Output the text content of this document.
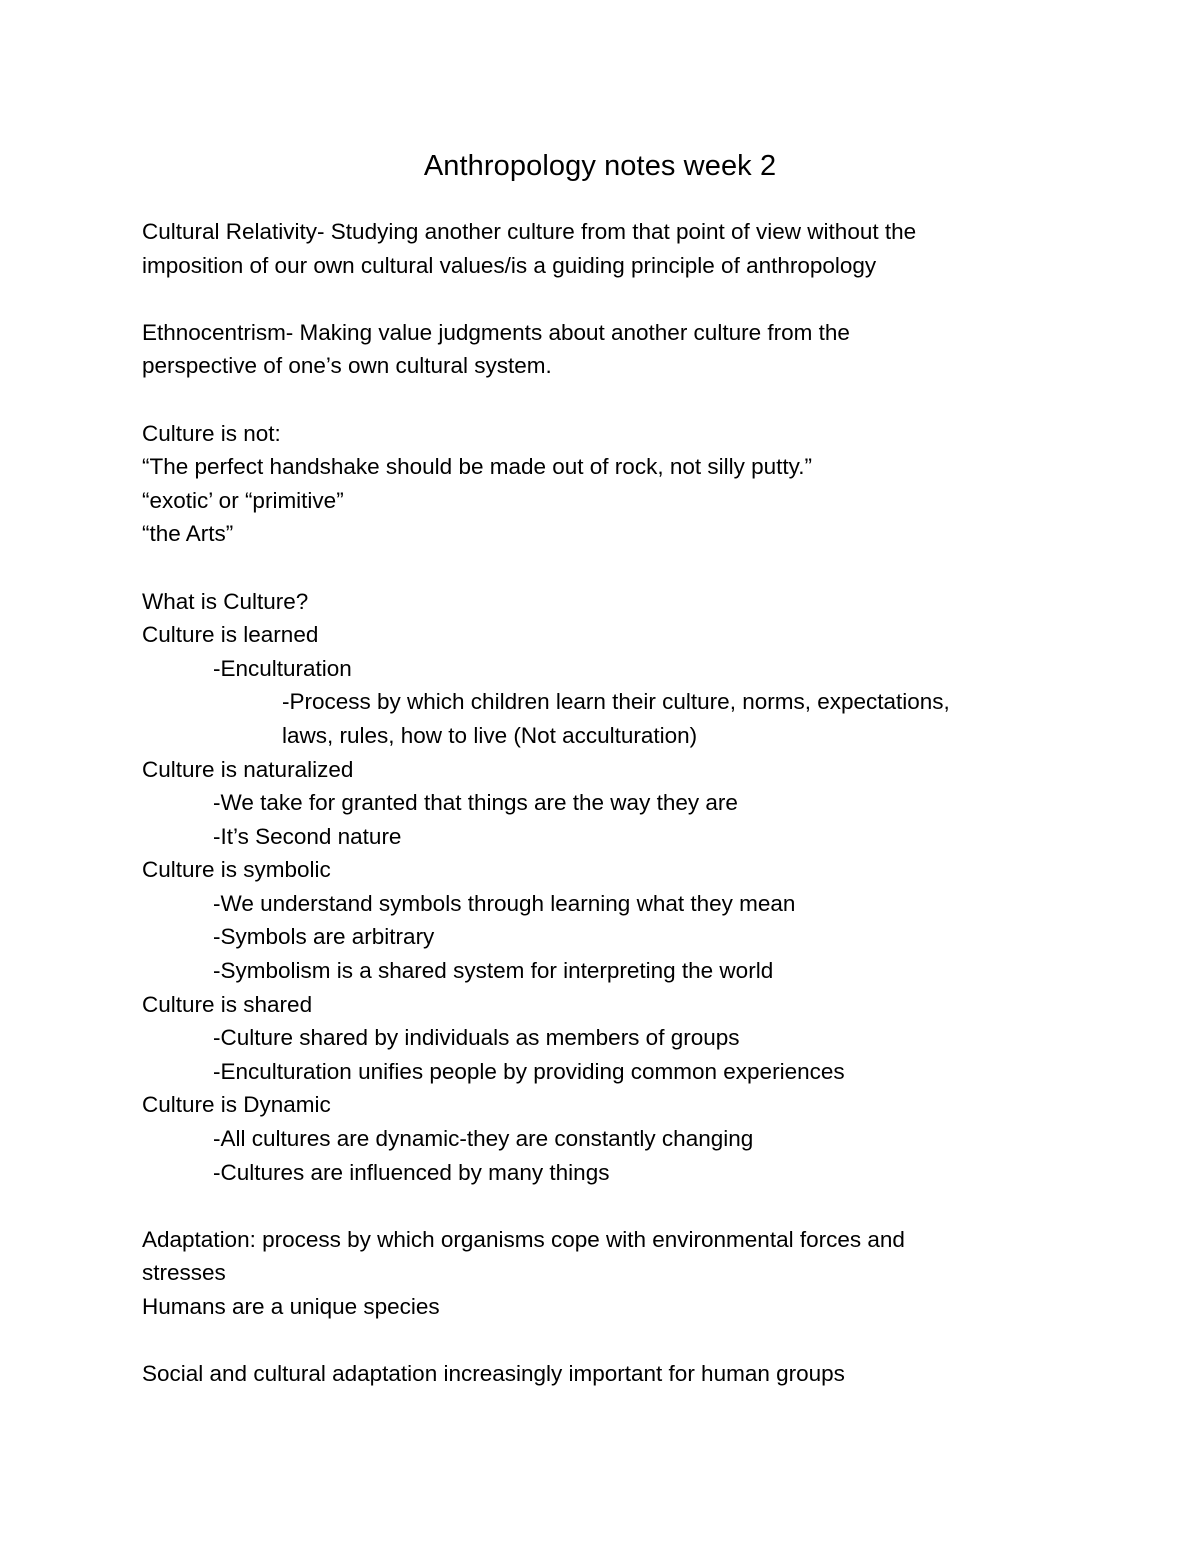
Anthropology notes week 2
Cultural Relativity- Studying another culture from that point of view without the
imposition of our own cultural values/is a guiding principle of anthropology
Ethnocentrism- Making value judgments about another culture from the
perspective of one’s own cultural system.
Culture is not:
“The perfect handshake should be made out of rock, not silly putty.”
“exotic’ or “primitive”
“the Arts”
What is Culture?
Culture is learned
-Enculturation
-Process by which children learn their culture, norms, expectations,
laws, rules, how to live (Not acculturation)
Culture is naturalized
-We take for granted that things are the way they are
-It’s Second nature
Culture is symbolic
-We understand symbols through learning what they mean
-Symbols are arbitrary
-Symbolism is a shared system for interpreting the world
Culture is shared
-Culture shared by individuals as members of groups
-Enculturation unifies people by providing common experiences
Culture is Dynamic
-All cultures are dynamic-they are constantly changing
-Cultures are influenced by many things
Adaptation: process by which organisms cope with environmental forces and
stresses
Humans are a unique species
Social and cultural adaptation increasingly important for human groups
